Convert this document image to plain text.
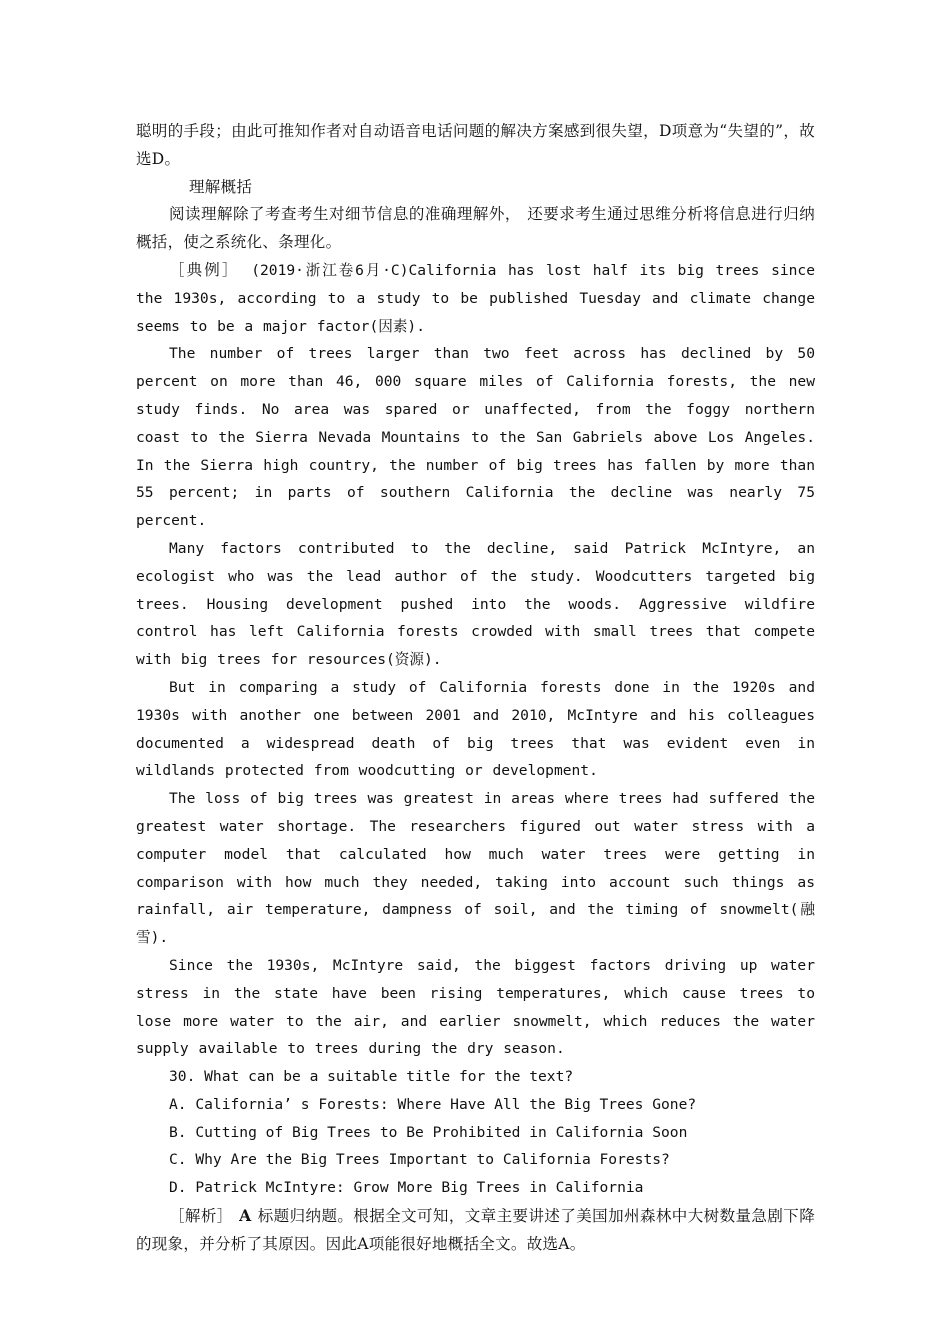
聪明的手段；由此可推知作者对自动语音电话问题的解决方案感到很失望，D项意为“失望的”，故选D。

理解概括

阅读理解除了考查考生对细节信息的准确理解外， 还要求考生通过思维分析将信息进行归纳概括，使之系统化、条理化。

［典例］ (2019·浙江卷6月·C)California has lost half its big trees since the 1930s, according to a study to be published Tuesday and climate change seems to be a major factor(因素).

The number of trees larger than two feet across has declined by 50 percent on more than 46, 000 square miles of California forests, the new study finds. No area was spared or unaffected, from the foggy northern coast to the Sierra Nevada Mountains to the San Gabriels above Los Angeles. In the Sierra high country, the number of big trees has fallen by more than 55 percent; in parts of southern California the decline was nearly 75 percent.

Many factors contributed to the decline, said Patrick McIntyre, an ecologist who was the lead author of the study. Woodcutters targeted big trees. Housing development pushed into the woods. Aggressive wildfire control has left California forests crowded with small trees that compete with big trees for resources(资源).

But in comparing a study of California forests done in the 1920s and 1930s with another one between 2001 and 2010, McIntyre and his colleagues documented a widespread death of big trees that was evident even in wildlands protected from woodcutting or development.

The loss of big trees was greatest in areas where trees had suffered the greatest water shortage. The researchers figured out water stress with a computer model that calculated how much water trees were getting in comparison with how much they needed, taking into account such things as rainfall, air temperature, dampness of soil, and the timing of snowmelt(融雪).

Since the 1930s, McIntyre said, the biggest factors driving up water stress in the state have been rising temperatures, which cause trees to lose more water to the air, and earlier snowmelt, which reduces the water supply available to trees during the dry season.

30. What can be a suitable title for the text?

A. California’ s Forests: Where Have All the Big Trees Gone?

B. Cutting of Big Trees to Be Prohibited in California Soon

C. Why Are the Big Trees Important to California Forests?

D. Patrick McIntyre: Grow More Big Trees in California

［解析］ A 标题归纳题。根据全文可知，文章主要讲述了美国加州森林中大树数量急剧下降的现象，并分析了其原因。因此A项能很好地概括全文。故选A。
